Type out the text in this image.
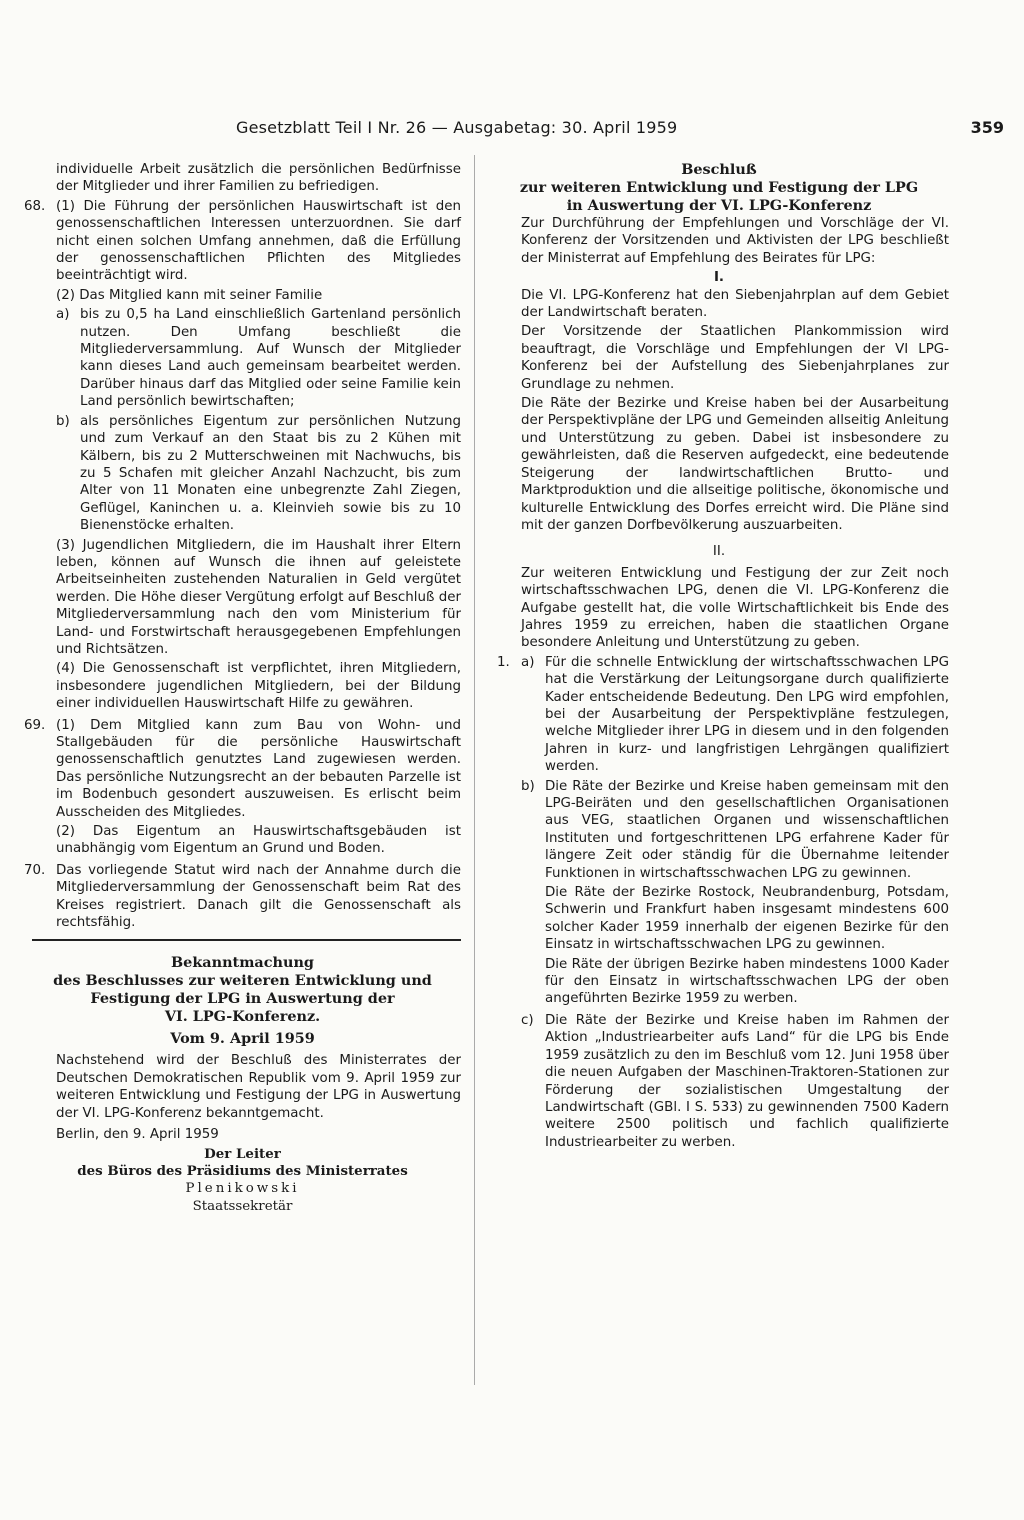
Gesetzblatt Teil I Nr. 26 — Ausgabetag: 30. April 1959	359

individuelle Arbeit zusätzlich die persönlichen Bedürfnisse der Mitglieder und ihrer Familien zu befriedigen.

68. (1) Die Führung der persönlichen Hauswirtschaft ist den genossenschaftlichen Interessen unterzuordnen. Sie darf nicht einen solchen Umfang annehmen, daß die Erfüllung der genossenschaftlichen Pflichten des Mitgliedes beeinträchtigt wird.

(2) Das Mitglied kann mit seiner Familie

a) bis zu 0,5 ha Land einschließlich Gartenland persönlich nutzen. Den Umfang beschließt die Mitgliederversammlung. Auf Wunsch der Mitglieder kann dieses Land auch gemeinsam bearbeitet werden. Darüber hinaus darf das Mitglied oder seine Familie kein Land persönlich bewirtschaften;
b) als persönliches Eigentum zur persönlichen Nutzung und zum Verkauf an den Staat bis zu 2 Kühen mit Kälbern, bis zu 2 Mutterschweinen mit Nachwuchs, bis zu 5 Schafen mit gleicher Anzahl Nachzucht, bis zum Alter von 11 Monaten eine unbegrenzte Zahl Ziegen, Geflügel, Kaninchen u. a. Kleinvieh sowie bis zu 10 Bienenstöcke erhalten.

(3) Jugendlichen Mitgliedern, die im Haushalt ihrer Eltern leben, können auf Wunsch die ihnen auf geleistete Arbeitseinheiten zustehenden Naturalien in Geld vergütet werden. Die Höhe dieser Vergütung erfolgt auf Beschluß der Mitgliederversammlung nach den vom Ministerium für Land- und Forstwirtschaft herausgegebenen Empfehlungen und Richtsätzen.

(4) Die Genossenschaft ist verpflichtet, ihren Mitgliedern, insbesondere jugendlichen Mitgliedern, bei der Bildung einer individuellen Hauswirtschaft Hilfe zu gewähren.

69. (1) Dem Mitglied kann zum Bau von Wohn- und Stallgebäuden für die persönliche Hauswirtschaft genossenschaftlich genutztes Land zugewiesen werden. Das persönliche Nutzungsrecht an der bebauten Parzelle ist im Bodenbuch gesondert auszuweisen. Es erlischt beim Ausscheiden des Mitgliedes.

(2) Das Eigentum an Hauswirtschaftsgebäuden ist unabhängig vom Eigentum an Grund und Boden.

70. Das vorliegende Statut wird nach der Annahme durch die Mitgliederversammlung der Genossenschaft beim Rat des Kreises registriert. Danach gilt die Genossenschaft als rechtsfähig.
Bekanntmachung
des Beschlusses zur weiteren Entwicklung und
Festigung der LPG in Auswertung der
VI. LPG-Konferenz.
Vom 9. April 1959

Nachstehend wird der Beschluß des Ministerrates der Deutschen Demokratischen Republik vom 9. April 1959 zur weiteren Entwicklung und Festigung der LPG in Auswertung der VI. LPG-Konferenz bekanntgemacht.

Berlin, den 9. April 1959

Der Leiter
des Büros des Präsidiums des Ministerrates
Plenikowski
Staatssekretär
Beschluß
zur weiteren Entwicklung und Festigung der LPG
in Auswertung der VI. LPG-Konferenz

Zur Durchführung der Empfehlungen und Vorschläge der VI. Konferenz der Vorsitzenden und Aktivisten der LPG beschließt der Ministerrat auf Empfehlung des Beirates für LPG:

I.

Die VI. LPG-Konferenz hat den Siebenjahrplan auf dem Gebiet der Landwirtschaft beraten.

Der Vorsitzende der Staatlichen Plankommission wird beauftragt, die Vorschläge und Empfehlungen der VI LPG-Konferenz bei der Aufstellung des Siebenjahrplanes zur Grundlage zu nehmen.

Die Räte der Bezirke und Kreise haben bei der Ausarbeitung der Perspektivpläne der LPG und Gemeinden allseitig Anleitung und Unterstützung zu geben. Dabei ist insbesondere zu gewährleisten, daß die Reserven aufgedeckt, eine bedeutende Steigerung der landwirtschaftlichen Brutto- und Marktproduktion und die allseitige politische, ökonomische und kulturelle Entwicklung des Dorfes erreicht wird. Die Pläne sind mit der ganzen Dorfbevölkerung auszuarbeiten.

II.

Zur weiteren Entwicklung und Festigung der zur Zeit noch wirtschaftsschwachen LPG, denen die VI. LPG-Konferenz die Aufgabe gestellt hat, die volle Wirtschaftlichkeit bis Ende des Jahres 1959 zu erreichen, haben die staatlichen Organe besondere Anleitung und Unterstützung zu geben.

1. a) Für die schnelle Entwicklung der wirtschaftsschwachen LPG hat die Verstärkung der Leitungsorgane durch qualifizierte Kader entscheidende Bedeutung. Den LPG wird empfohlen, bei der Ausarbeitung der Perspektivpläne festzulegen, welche Mitglieder ihrer LPG in diesem und in den folgenden Jahren in kurz- und langfristigen Lehrgängen qualifiziert werden.
b) Die Räte der Bezirke und Kreise haben gemeinsam mit den LPG-Beiräten und den gesellschaftlichen Organisationen aus VEG, staatlichen Organen und wissenschaftlichen Instituten und fortgeschrittenen LPG erfahrene Kader für längere Zeit oder ständig für die Übernahme leitender Funktionen in wirtschaftsschwachen LPG zu gewinnen.

Die Räte der Bezirke Rostock, Neubrandenburg, Potsdam, Schwerin und Frankfurt haben insgesamt mindestens 600 solcher Kader 1959 innerhalb der eigenen Bezirke für den Einsatz in wirtschaftsschwachen LPG zu gewinnen.

Die Räte der übrigen Bezirke haben mindestens 1000 Kader für den Einsatz in wirtschaftsschwachen LPG der oben angeführten Bezirke 1959 zu werben.

c) Die Räte der Bezirke und Kreise haben im Rahmen der Aktion „Industriearbeiter aufs Land“ für die LPG bis Ende 1959 zusätzlich zu den im Beschluß vom 12. Juni 1958 über die neuen Aufgaben der Maschinen-Traktoren-Stationen zur Förderung der sozialistischen Umgestaltung der Landwirtschaft (GBl. I S. 533) zu gewinnenden 7500 Kadern weitere 2500 politisch und fachlich qualifizierte Industriearbeiter zu werben.
